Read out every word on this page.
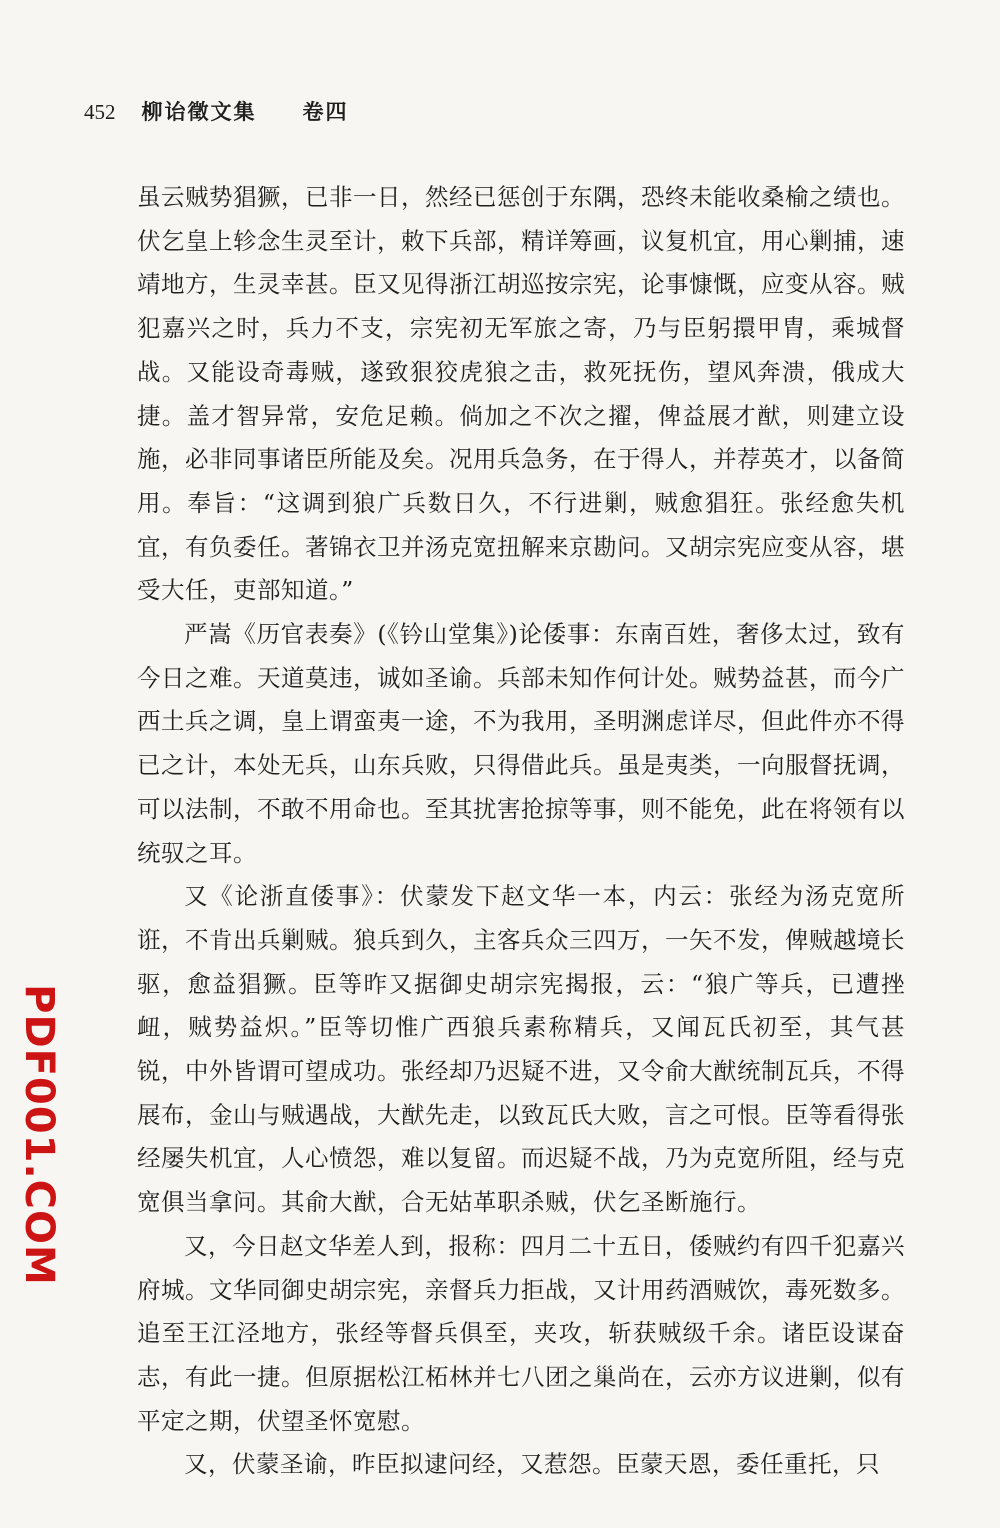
452 柳诒徵文集 卷四

虽云贼势猖獗，已非一日，然经已惩创于东隅，恐终未能收桑榆之绩也。伏乞皇上轸念生灵至计，敕下兵部，精详筹画，议复机宜，用心剿捕，速靖地方，生灵幸甚。臣又见得浙江胡巡按宗宪，论事慷慨，应变从容。贼犯嘉兴之时，兵力不支，宗宪初无军旅之寄，乃与臣躬擐甲胄，乘城督战。又能设奇毒贼，遂致狠狡虎狼之击，救死抚伤，望风奔溃，俄成大捷。盖才智异常，安危足赖。倘加之不次之擢，俾益展才猷，则建立设施，必非同事诸臣所能及矣。况用兵急务，在于得人，并荐英才，以备简用。奉旨：“这调到狼广兵数日久，不行进剿，贼愈猖狂。张经愈失机宜，有负委任。著锦衣卫并汤克宽扭解来京勘问。又胡宗宪应变从容，堪受大任，吏部知道。”

严嵩《历官表奏》(《钤山堂集》)论倭事：东南百姓，奢侈太过，致有今日之难。天道莫违，诚如圣谕。兵部未知作何计处。贼势益甚，而今广西土兵之调，皇上谓蛮夷一途，不为我用，圣明渊虑详尽，但此件亦不得已之计，本处无兵，山东兵败，只得借此兵。虽是夷类，一向服督抚调，可以法制，不敢不用命也。至其扰害抢掠等事，则不能免，此在将领有以统驭之耳。

又《论浙直倭事》：伏蒙发下赵文华一本，内云：张经为汤克宽所诳，不肯出兵剿贼。狼兵到久，主客兵众三四万，一矢不发，俾贼越境长驱，愈益猖獗。臣等昨又据御史胡宗宪揭报，云：“狼广等兵，已遭挫衄，贼势益炽。”臣等切惟广西狼兵素称精兵，又闻瓦氏初至，其气甚锐，中外皆谓可望成功。张经却乃迟疑不进，又令俞大猷统制瓦兵，不得展布，金山与贼遇战，大猷先走，以致瓦氏大败，言之可恨。臣等看得张经屡失机宜，人心愤怨，难以复留。而迟疑不战，乃为克宽所阻，经与克宽俱当拿问。其俞大猷，合无姑革职杀贼，伏乞圣断施行。

又，今日赵文华差人到，报称：四月二十五日，倭贼约有四千犯嘉兴府城。文华同御史胡宗宪，亲督兵力拒战，又计用药酒贼饮，毒死数多。追至王江泾地方，张经等督兵俱至，夹攻，斩获贼级千余。诸臣设谋奋志，有此一捷。但原据松江柘林并七八团之巢尚在，云亦方议进剿，似有平定之期，伏望圣怀宽慰。

又，伏蒙圣谕，昨臣拟逮问经，又惹怨。臣蒙天恩，委任重托，只

PDF001.COM
